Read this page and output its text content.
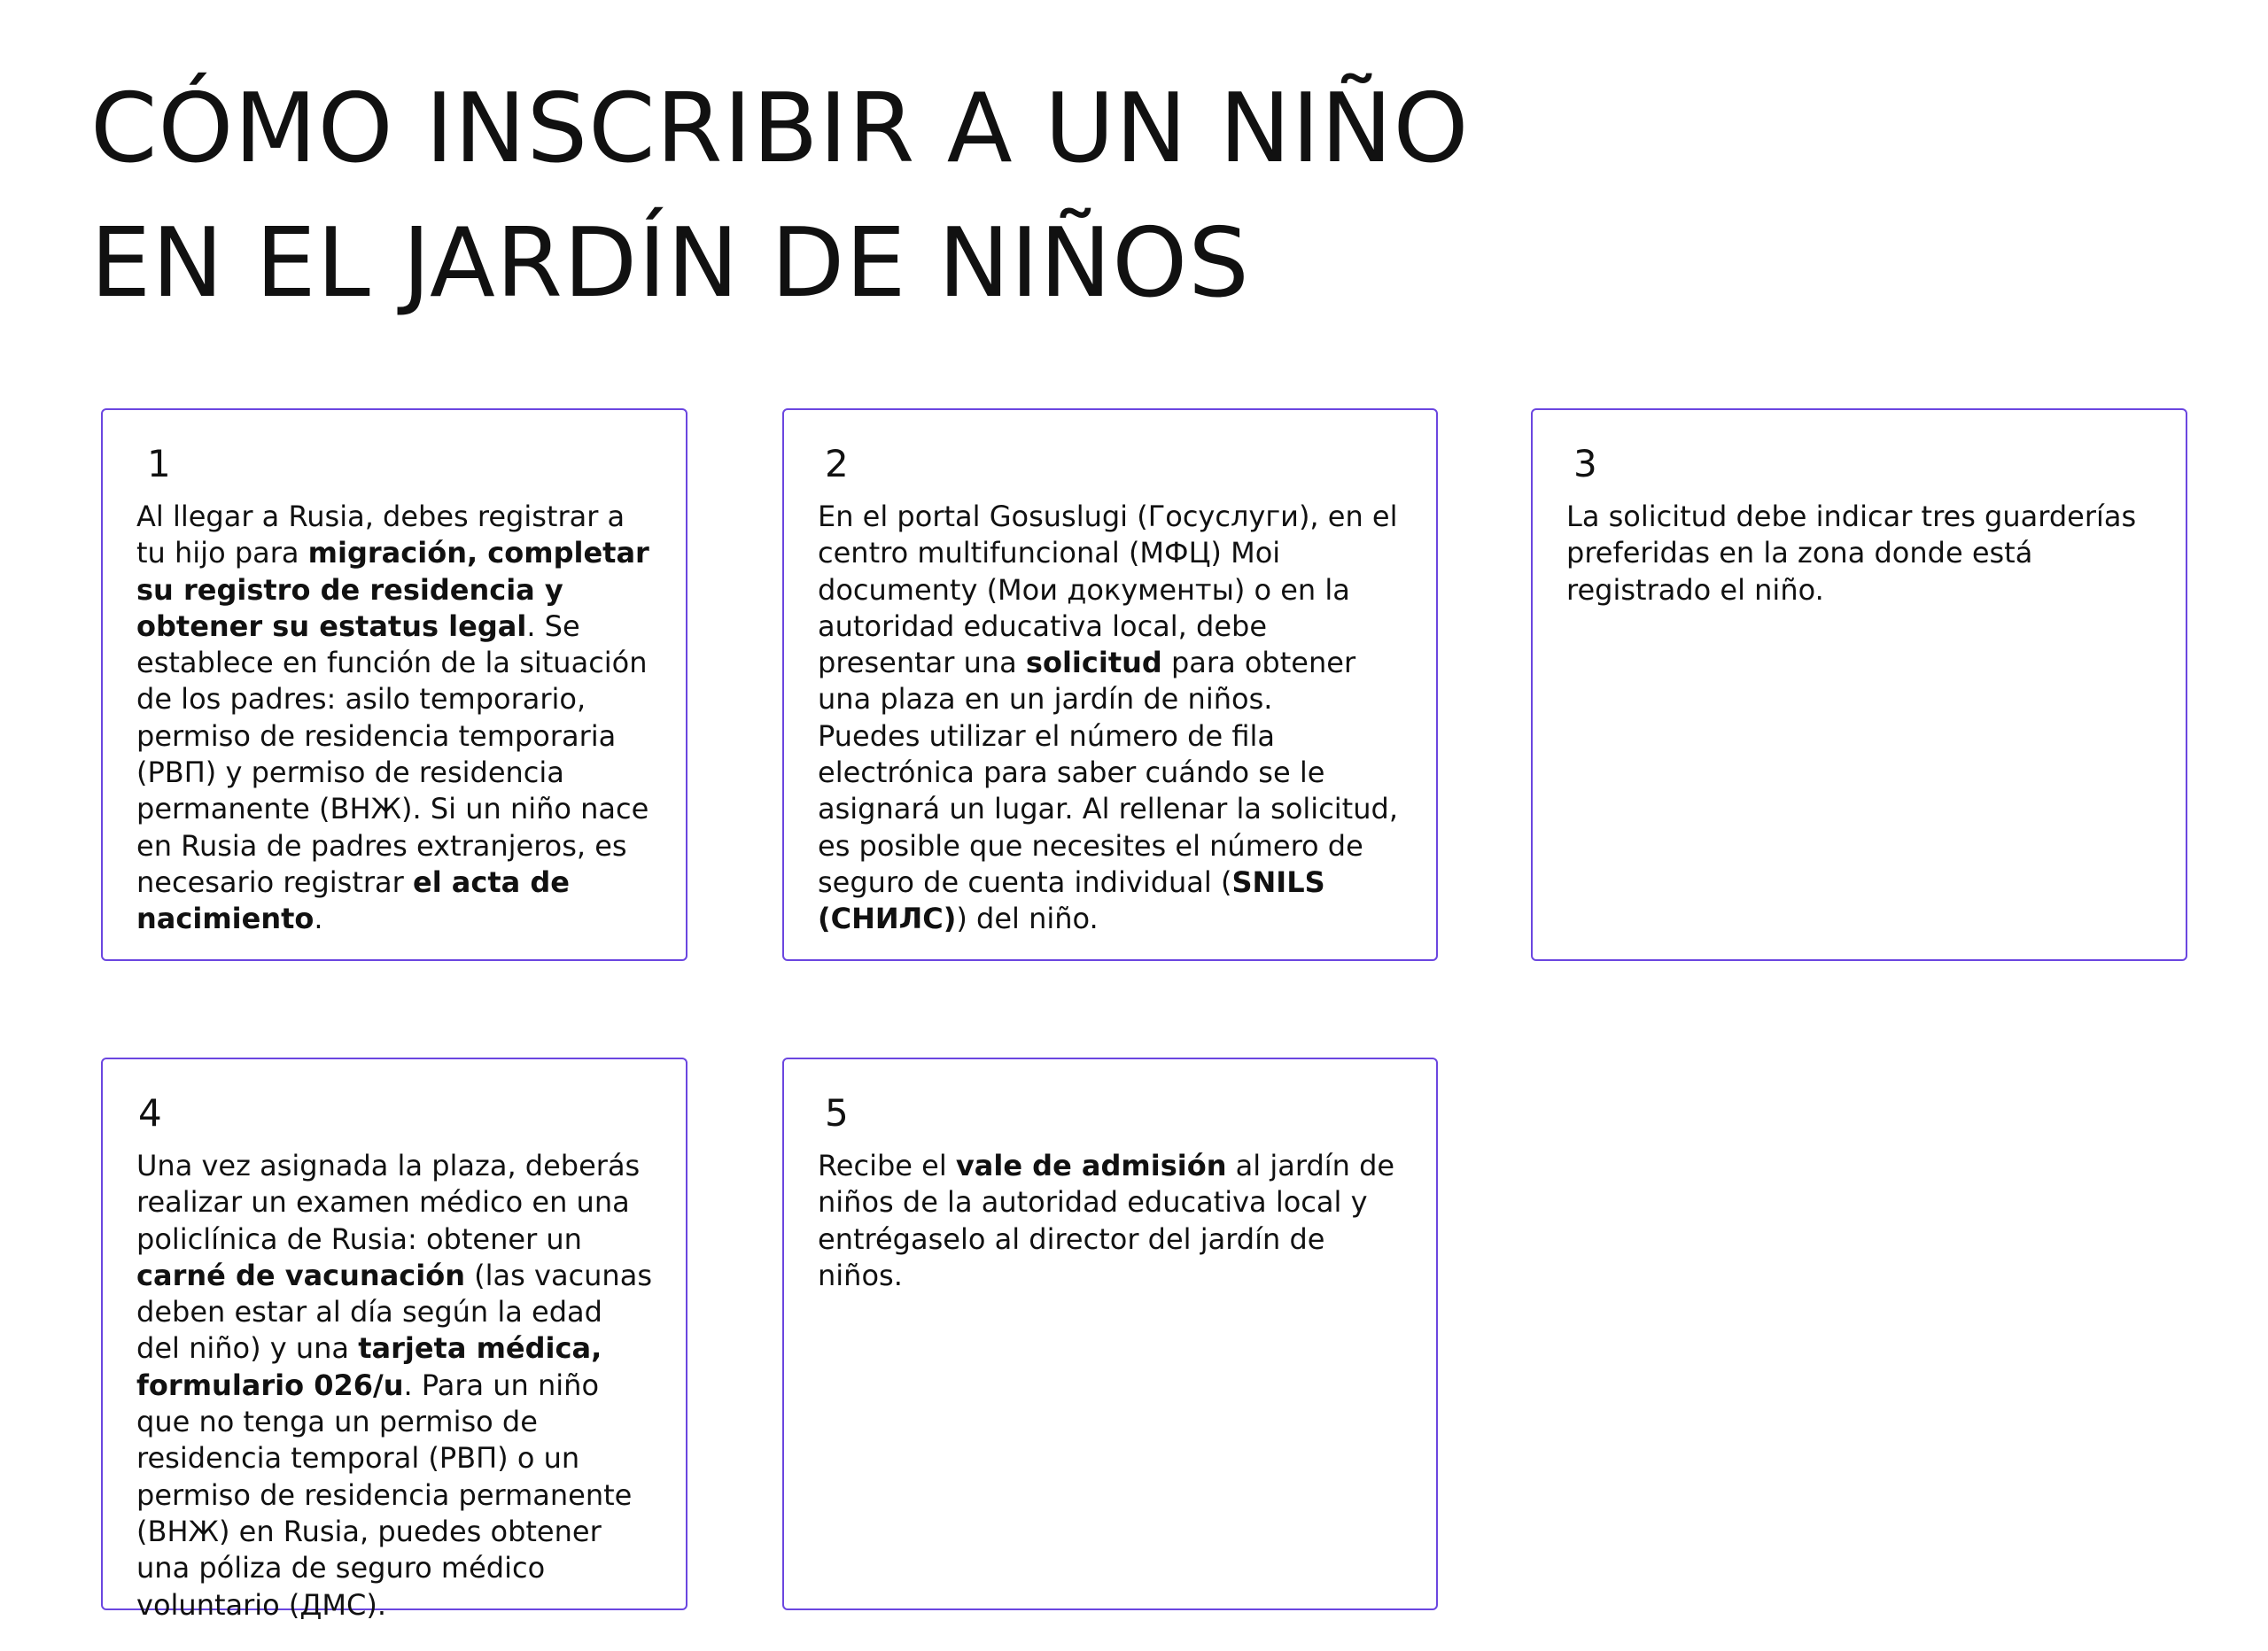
CÓMO INSCRIBIR A UN NIÑO
EN EL JARDÍN DE NIÑOS
1

Al llegar a Rusia, debes registrar a tu hijo para migración, completar su registro de residencia y obtener su estatus legal. Se establece en función de la situación de los padres: asilo temporario, permiso de residencia temporaria (РВП) y permiso de residencia permanente (ВНЖ). Si un niño nace en Rusia de padres extranjeros, es necesario registrar el acta de nacimiento.

2

En el portal Gosuslugi (Госуслуги), en el centro multifuncional (МФЦ) Moi documenty (Мои документы) o en la autoridad educativa local, debe presentar una solicitud para obtener una plaza en un jardín de niños.
Puedes utilizar el número de fila electrónica para saber cuándo se le asignará un lugar. Al rellenar la solicitud, es posible que necesites el número de seguro de cuenta individual (SNILS (СНИЛС)) del niño.

3

La solicitud debe indicar tres guarderías preferidas en la zona donde está registrado el niño.

4

Una vez asignada la plaza, deberás realizar un examen médico en una policlínica de Rusia: obtener un carné de vacunación (las vacunas deben estar al día según la edad del niño) y una tarjeta médica, formulario 026/u. Para un niño que no tenga un permiso de residencia temporal (РВП) o un permiso de residencia permanente (ВНЖ) en Rusia, puedes obtener una póliza de seguro médico voluntario (ДМС).

5

Recibe el vale de admisión al jardín de niños de la autoridad educativa local y entrégaselo al director del jardín de niños.
